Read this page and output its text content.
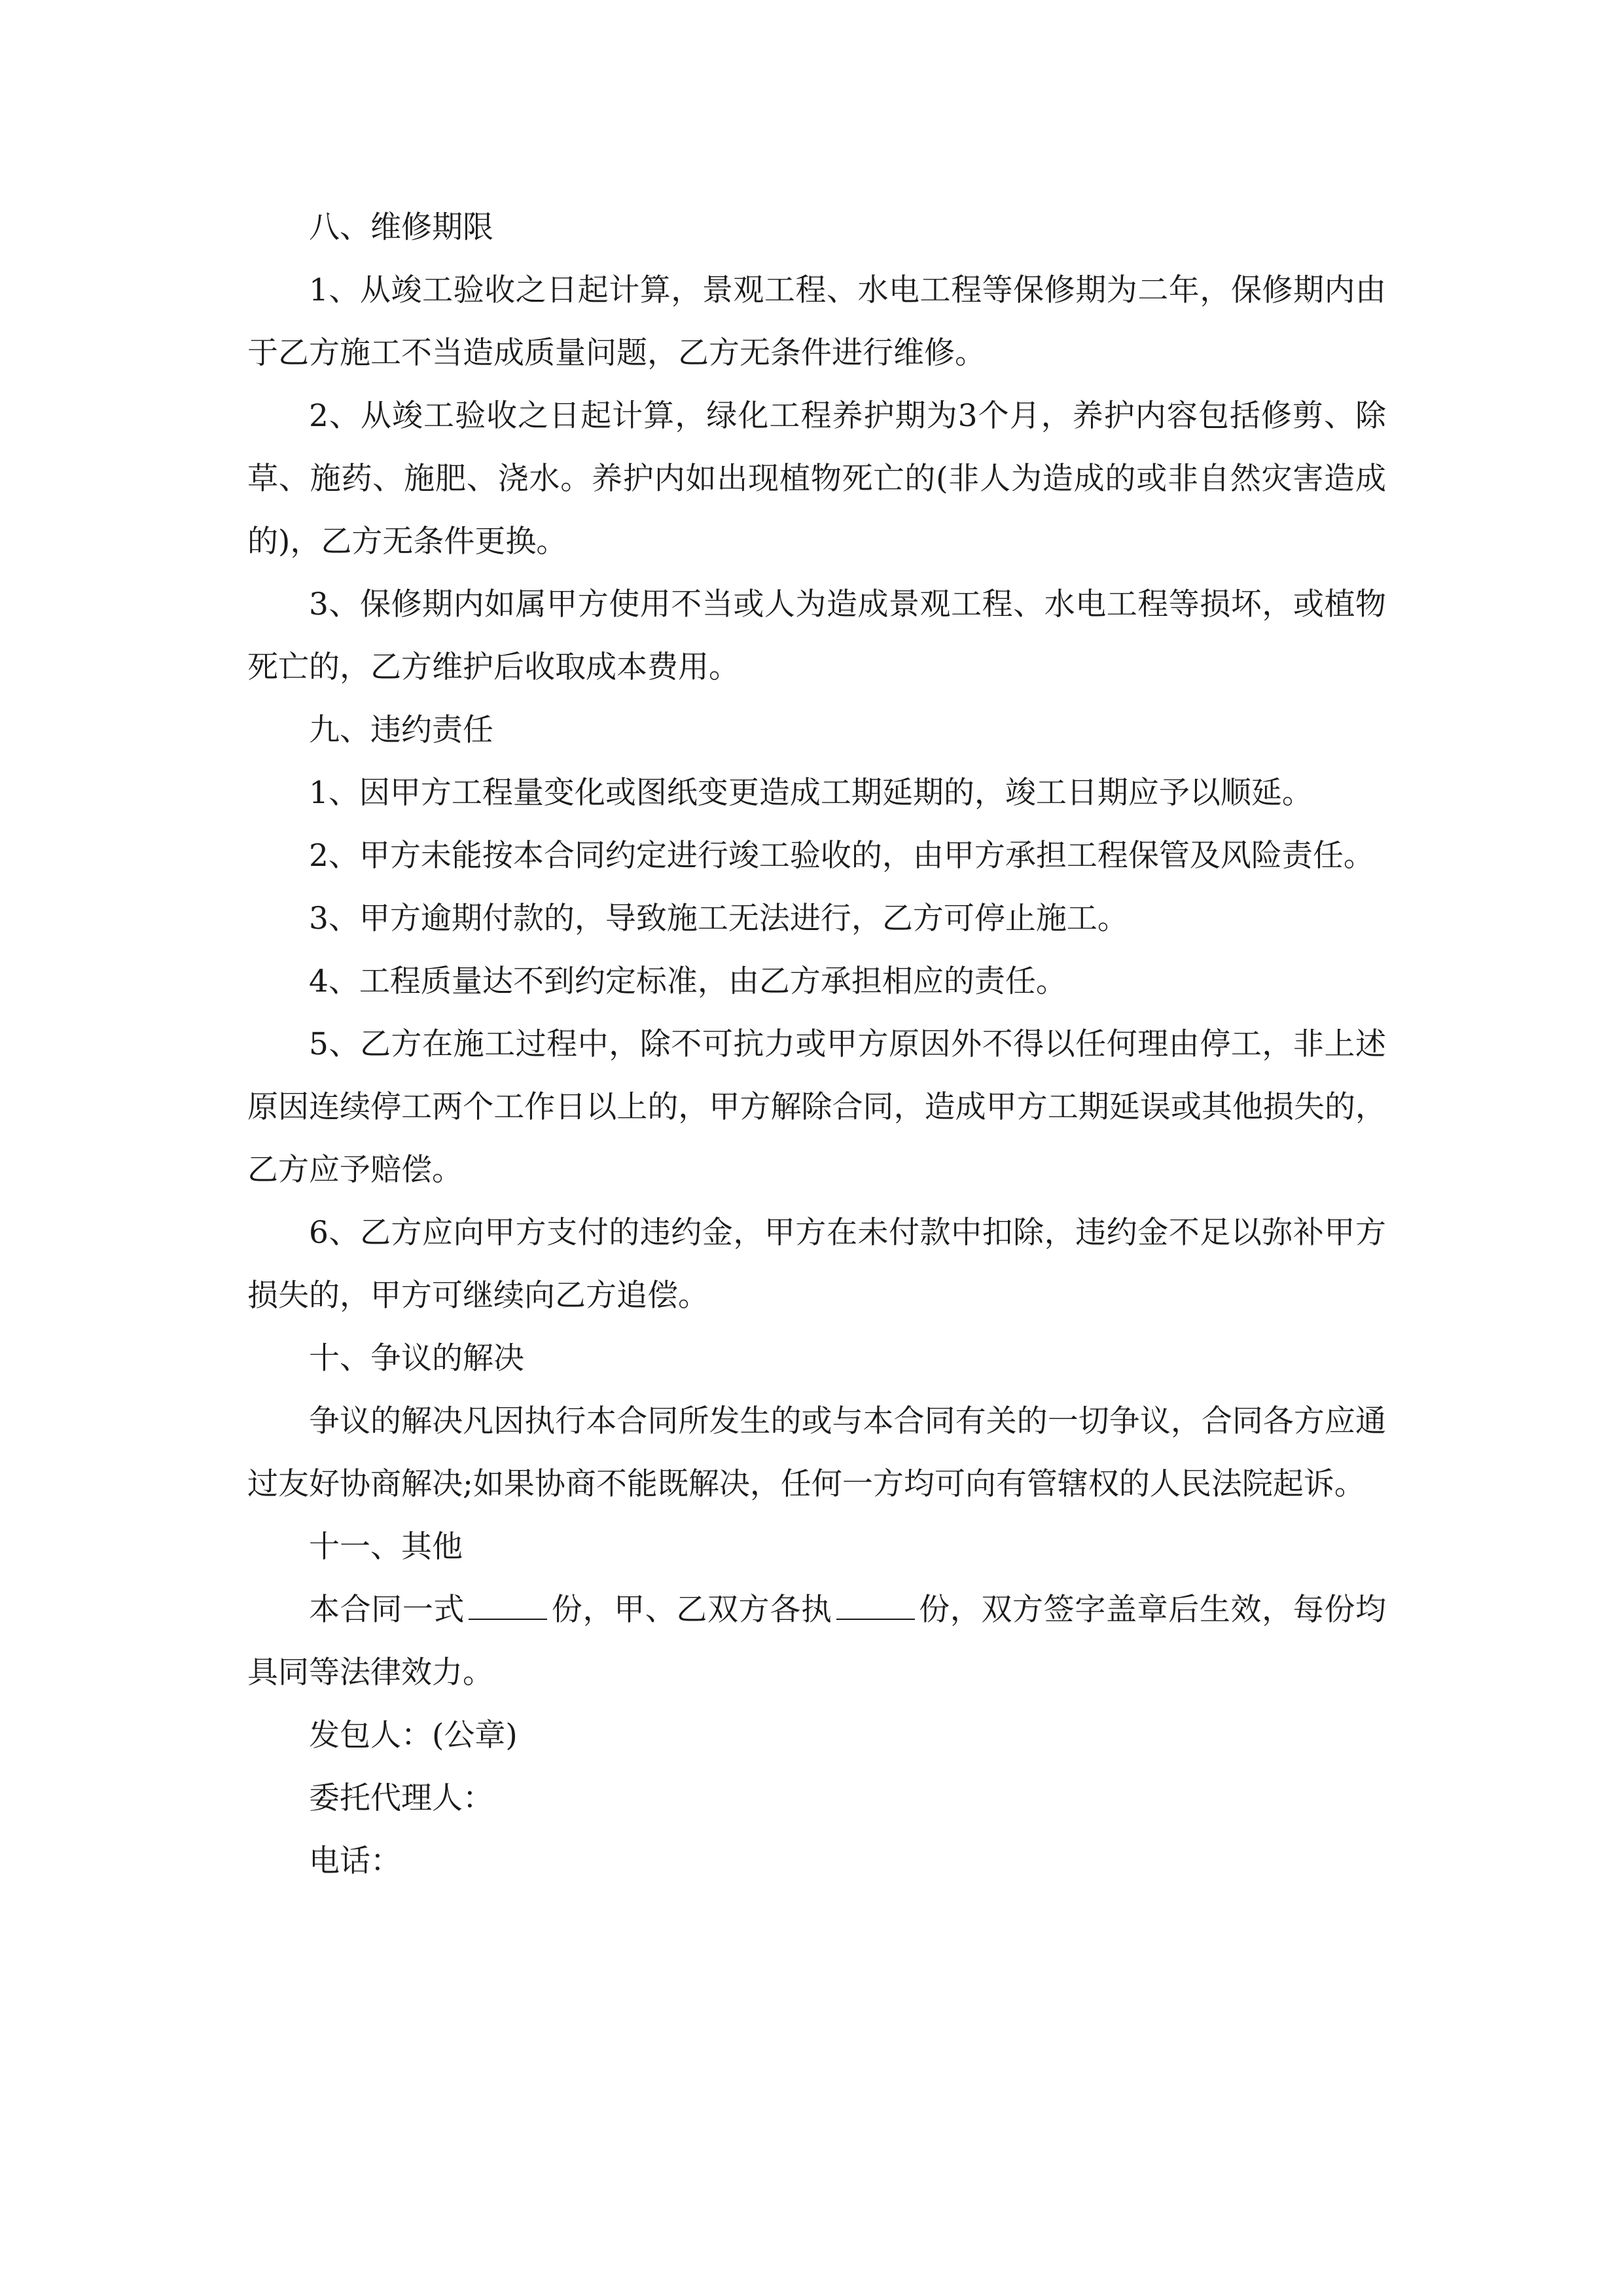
八、维修期限

1、从竣工验收之日起计算，景观工程、水电工程等保修期为二年，保修期内由于乙方施工不当造成质量问题，乙方无条件进行维修。

2、从竣工验收之日起计算，绿化工程养护期为3个月，养护内容包括修剪、除草、施药、施肥、浇水。养护内如出现植物死亡的(非人为造成的或非自然灾害造成的)，乙方无条件更换。

3、保修期内如属甲方使用不当或人为造成景观工程、水电工程等损坏，或植物死亡的，乙方维护后收取成本费用。

九、违约责任

1、因甲方工程量变化或图纸变更造成工期延期的，竣工日期应予以顺延。

2、甲方未能按本合同约定进行竣工验收的，由甲方承担工程保管及风险责任。

3、甲方逾期付款的，导致施工无法进行，乙方可停止施工。

4、工程质量达不到约定标准，由乙方承担相应的责任。

5、乙方在施工过程中，除不可抗力或甲方原因外不得以任何理由停工，非上述原因连续停工两个工作日以上的，甲方解除合同，造成甲方工期延误或其他损失的，乙方应予赔偿。

6、乙方应向甲方支付的违约金，甲方在未付款中扣除，违约金不足以弥补甲方损失的，甲方可继续向乙方追偿。

十、争议的解决

争议的解决凡因执行本合同所发生的或与本合同有关的一切争议，合同各方应通过友好协商解决;如果协商不能既解决，任何一方均可向有管辖权的人民法院起诉。

十一、其他

本合同一式	份，甲、乙双方各执	份，双方签字盖章后生效，每份均具同等法律效力。

发包人：(公章)

委托代理人：

电话：
